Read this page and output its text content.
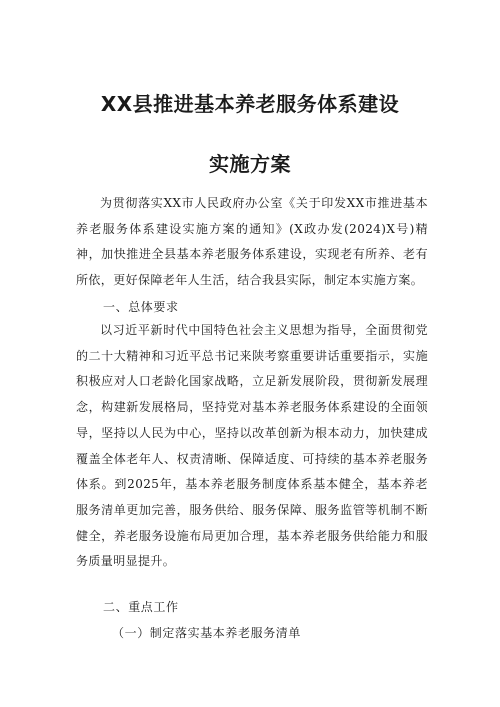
XX县推进基本养老服务体系建设
实施方案

为贯彻落实XX市人民政府办公室《关于印发XX市推进基本养老服务体系建设实施方案的通知》(X政办发(2024)X号)精神，加快推进全县基本养老服务体系建设，实现老有所养、老有所依，更好保障老年人生活，结合我县实际，制定本实施方案。

一、总体要求

以习近平新时代中国特色社会主义思想为指导，全面贯彻党的二十大精神和习近平总书记来陕考察重要讲话重要指示，实施积极应对人口老龄化国家战略，立足新发展阶段，贯彻新发展理念，构建新发展格局，坚持党对基本养老服务体系建设的全面领导，坚持以人民为中心，坚持以改革创新为根本动力，加快建成覆盖全体老年人、权责清晰、保障适度、可持续的基本养老服务体系。到2025年，基本养老服务制度体系基本健全，基本养老服务清单更加完善，服务供给、服务保障、服务监管等机制不断健全，养老服务设施布局更加合理，基本养老服务供给能力和服务质量明显提升。

二、重点工作

（一）制定落实基本养老服务清单
